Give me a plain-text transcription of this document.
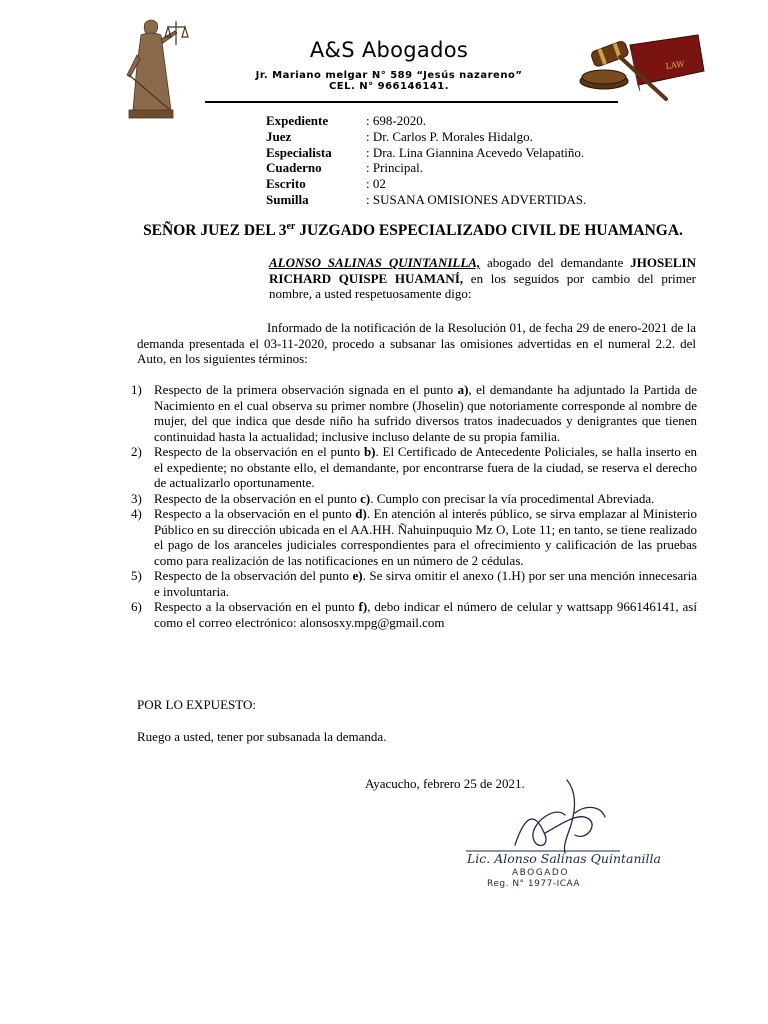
LAW
A&S Abogados
Jr. Mariano melgar N° 589 “Jesús nazareno”
CEL. N° 966146141.
Expediente	: 698-2020.
Juez	: Dr. Carlos P. Morales Hidalgo.
Especialista	: Dra. Lina Giannina Acevedo Velapatiño.
Cuaderno	: Principal.
Escrito	: 02
Sumilla	: SUSANA OMISIONES ADVERTIDAS.
SEÑOR JUEZ DEL 3er JUZGADO ESPECIALIZADO CIVIL DE HUAMANGA.
ALONSO SALINAS QUINTANILLA, abogado del demandante JHOSELIN RICHARD QUISPE HUAMANÍ, en los seguidos por cambio del primer nombre, a usted respetuosamente digo:
Informado de la notificación de la Resolución 01, de fecha 29 de enero-2021 de la demanda presentada el 03-11-2020, procedo a subsanar las omisiones advertidas en el numeral 2.2. del Auto, en los siguientes términos:
1) Respecto de la primera observación signada en el punto a), el demandante ha adjuntado la Partida de Nacimiento en el cual observa su primer nombre (Jhoselin) que notoriamente corresponde al nombre de mujer, del que indica que desde niño ha sufrido diversos tratos inadecuados y denigrantes que tienen continuidad hasta la actualidad; inclusive incluso delante de su propia familia.
2) Respecto de la observación en el punto b). El Certificado de Antecedente Policiales, se halla inserto en el expediente; no obstante ello, el demandante, por encontrarse fuera de la ciudad, se reserva el derecho de actualizarlo oportunamente.
3) Respecto de la observación en el punto c). Cumplo con precisar la vía procedimental Abreviada.
4) Respecto a la observación en el punto d). En atención al interés público, se sirva emplazar al Ministerio Público en su dirección ubicada en el AA.HH. Ñahuinpuquio Mz O, Lote 11; en tanto, se tiene realizado el pago de los aranceles judiciales correspondientes para el ofrecimiento y calificación de las pruebas como para realización de las notificaciones en un número de 2 cédulas.
5) Respecto de la observación del punto e). Se sirva omitir el anexo (1.H) por ser una mención innecesaria e involuntaria.
6) Respecto a la observación en el punto f), debo indicar el número de celular y wattsapp 966146141, así como el correo electrónico: alonsosxy.mpg@gmail.com
POR LO EXPUESTO:
Ruego a usted, tener por subsanada la demanda.
Ayacucho, febrero 25 de 2021.
Lic. Alonso Salinas Quintanilla
ABOGADO
Reg. N° 1977-ICAA
